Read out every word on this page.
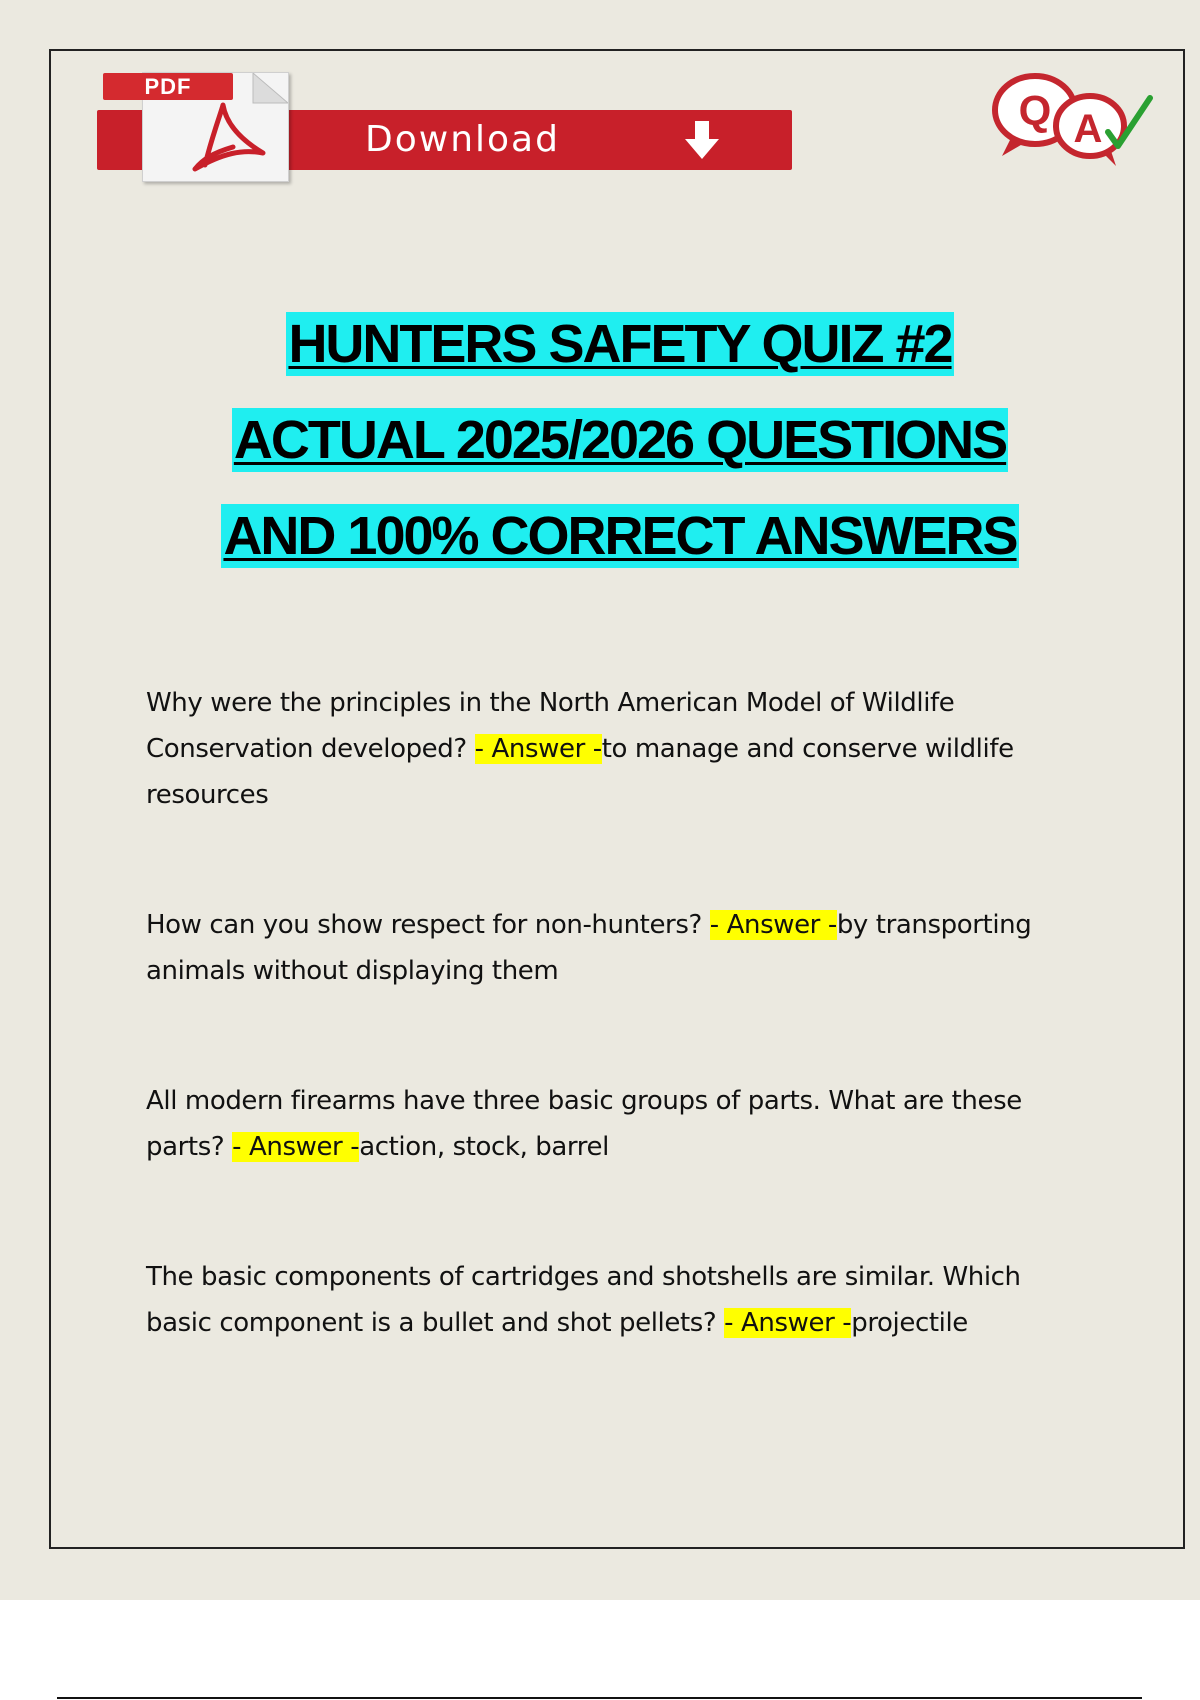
PDF
Download
Q A
HUNTERS SAFETY QUIZ #2
ACTUAL 2025/2026 QUESTIONS
AND 100% CORRECT ANSWERS

Why were the principles in the North American Model of Wildlife Conservation developed? - Answer -to manage and conserve wildlife resources

How can you show respect for non-hunters? - Answer -by transporting animals without displaying them

All modern firearms have three basic groups of parts. What are these parts? - Answer -action, stock, barrel

The basic components of cartridges and shotshells are similar. Which basic component is a bullet and shot pellets? - Answer -projectile
